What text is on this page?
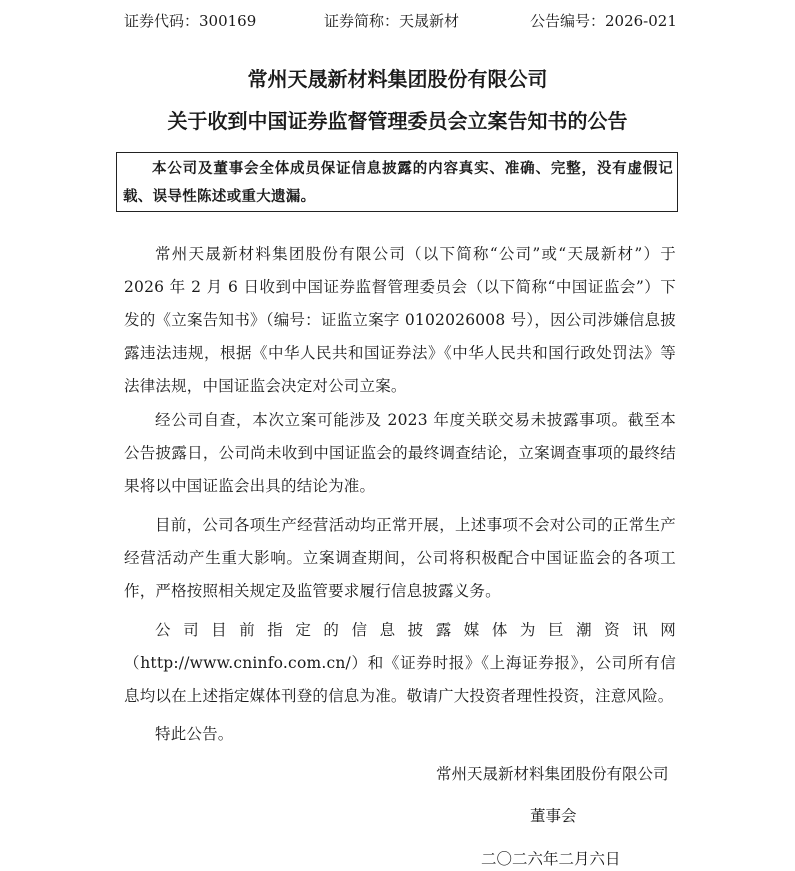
证券代码：300169	证券简称：天晟新材	公告编号：2026-021
常州天晟新材料集团股份有限公司
关于收到中国证券监督管理委员会立案告知书的公告
本公司及董事会全体成员保证信息披露的内容真实、准确、完整，没有虚假记载、误导性陈述或重大遗漏。

常州天晟新材料集团股份有限公司（以下简称“公司”或“天晟新材”）于 2026 年 2 月 6 日收到中国证券监督管理委员会（以下简称“中国证监会”）下发的《立案告知书》（编号：证监立案字 0102026008 号），因公司涉嫌信息披露违法违规，根据《中华人民共和国证券法》《中华人民共和国行政处罚法》等法律法规，中国证监会决定对公司立案。

经公司自查，本次立案可能涉及 2023 年度关联交易未披露事项。截至本公告披露日，公司尚未收到中国证监会的最终调查结论，立案调查事项的最终结果将以中国证监会出具的结论为准。

目前，公司各项生产经营活动均正常开展，上述事项不会对公司的正常生产经营活动产生重大影响。立案调查期间，公司将积极配合中国证监会的各项工作，严格按照相关规定及监管要求履行信息披露义务。

公司目前指定的信息披露媒体为巨潮资讯网（http://www.cninfo.com.cn/）和《证券时报》《上海证券报》，公司所有信息均以在上述指定媒体刊登的信息为准。敬请广大投资者理性投资，注意风险。

特此公告。

常州天晟新材料集团股份有限公司
董事会
二〇二六年二月六日
